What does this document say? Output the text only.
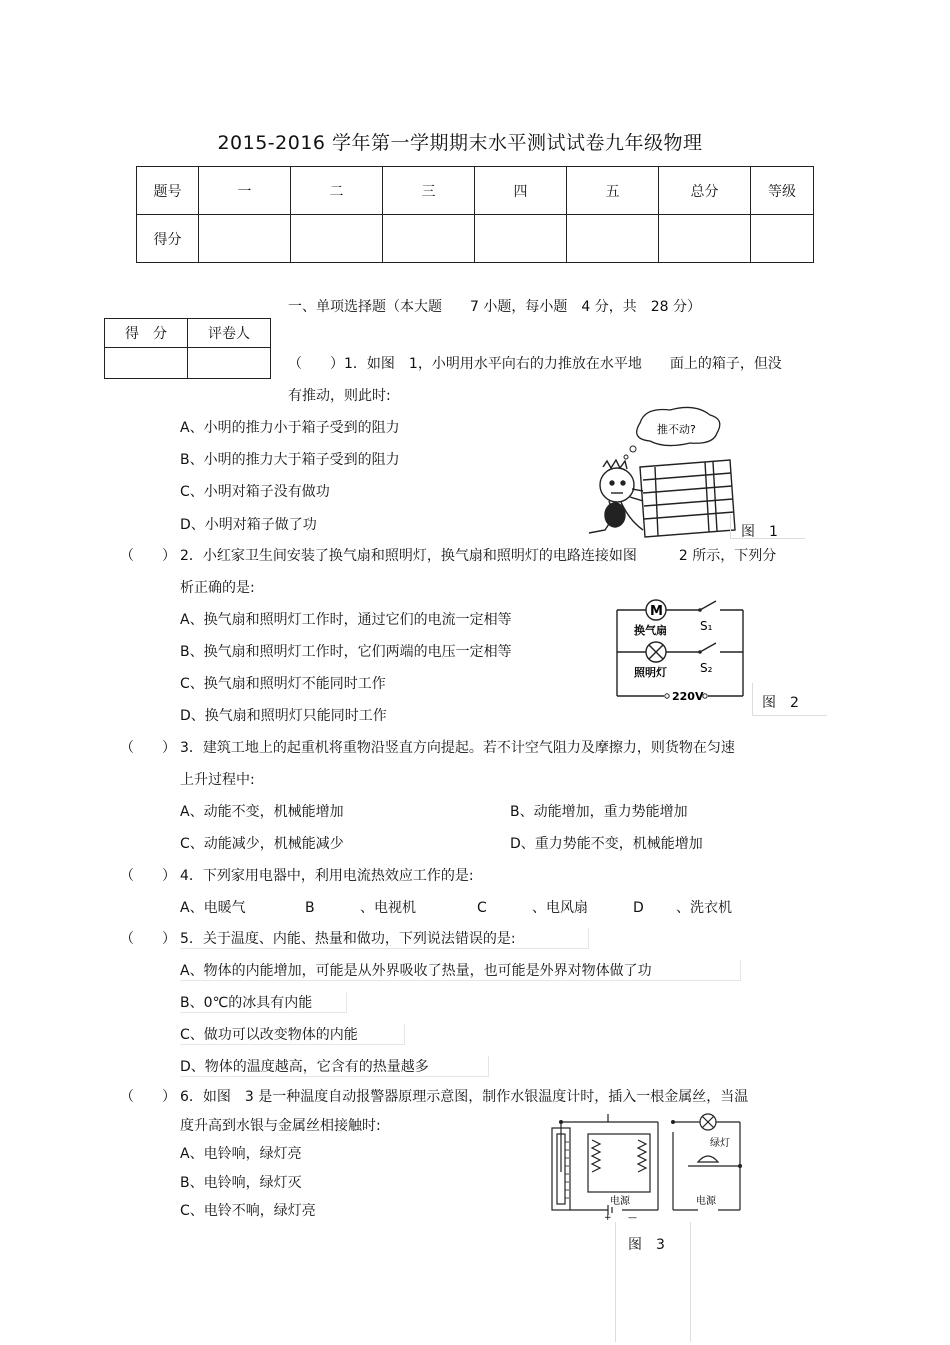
2015-2016 学年第一学期期末水平测试试卷九年级物理
题号	一	二	三	四	五	总分	等级
得分							
一、单项选择题（本大题　　7 小题，每小题　4 分，共　28 分）
得　分	评卷人

（　　）1．如图　1，小明用水平向右的力推放在水平地　　面上的箱子，但没
有推动，则此时:
A、小明的推力小于箱子受到的阻力
B、小明的推力大于箱子受到的阻力
C、小明对箱子没有做功
D、小明对箱子做了功
推不动?
图　1
（　　） 2．小红家卫生间安装了换气扇和照明灯，换气扇和照明灯的电路连接如图　　　2 所示，下列分
析正确的是:
A、换气扇和照明灯工作时，通过它们的电流一定相等
B、换气扇和照明灯工作时，它们两端的电压一定相等
C、换气扇和照明灯不能同时工作
D、换气扇和照明灯只能同时工作
M
换气扇
照明灯
S₁
S₂
220V	图　2
（　　） 3．建筑工地上的起重机将重物沿竖直方向提起。若不计空气阻力及摩擦力，则货物在匀速
上升过程中:
A、动能不变，机械能增加	B、动能增加，重力势能增加
C、动能减少，机械能减少	D、重力势能不变，机械能增加
（　　） 4．下列家用电器中，利用电流热效应工作的是:
A、电暖气	B	、电视机	C	、电风扇	D 、洗衣机
（　　） 5．关于温度、内能、热量和做功，下列说法错误的是:
A、物体的内能增加，可能是从外界吸收了热量，也可能是外界对物体做了功
B、0℃的冰具有内能
C、做功可以改变物体的内能
D、物体的温度越高，它含有的热量越多
（　　） 6．如图　3 是一种温度自动报警器原理示意图，制作水银温度计时，插入一根金属丝，当温
度升高到水银与金属丝相接触时:
A、电铃响，绿灯亮
B、电铃响，绿灯灭
C、电铃不响，绿灯亮
绿灯
电源	电源
+ —
图　3
